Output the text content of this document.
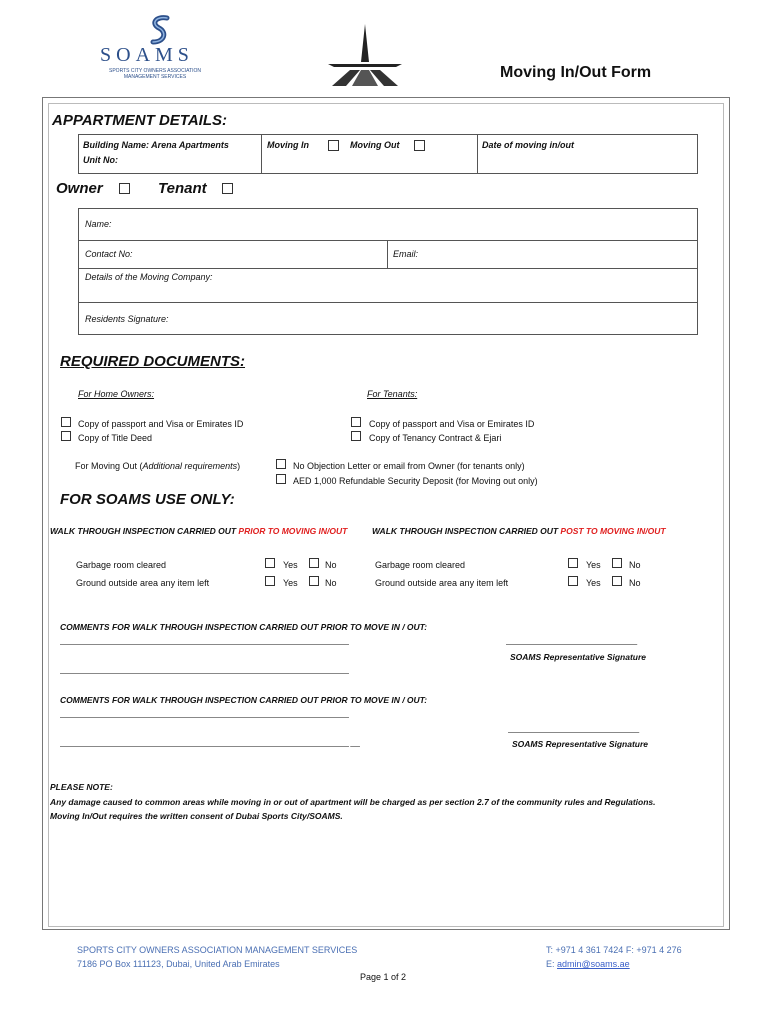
SOAMS
SPORTS CITY OWNERS ASSOCIATION MANAGEMENT SERVICES	Moving In/Out Form
APPARTMENT DETAILS:
Building Name: Arena Apartments
Unit No:
Moving In	Moving Out	Date of moving in/out
Owner	Tenant
Name:
Contact No:	Email:
Details of the Moving Company:
Residents Signature:
REQUIRED DOCUMENTS:
For Home Owners:	For Tenants:
Copy of passport and Visa or Emirates ID
Copy of Title Deed
Copy of passport and Visa or Emirates ID
Copy of Tenancy Contract & Ejari
For Moving Out (Additional requirements)	No Objection Letter or email from Owner (for tenants only)
AED 1,000 Refundable Security Deposit (for Moving out only)
FOR SOAMS USE ONLY:
WALK THROUGH INSPECTION CARRIED OUT PRIOR TO MOVING IN/OUT	WALK THROUGH INSPECTION CARRIED OUT POST TO MOVING IN/OUT
Garbage room cleared	Yes	No
Ground outside area any item left	Yes	No
Garbage room cleared	Yes	No
Ground outside area any item left	Yes	No
COMMENTS FOR WALK THROUGH INSPECTION CARRIED OUT PRIOR TO MOVE IN / OUT:
________________________________________________________________
________________________________________________________________
_____________________________
SOAMS Representative Signature
COMMENTS FOR WALK THROUGH INSPECTION CARRIED OUT PRIOR TO MOVE IN / OUT:
________________________________________________________________
________________________________________________________________ __
_____________________________
SOAMS Representative Signature
PLEASE NOTE:
Any damage caused to common areas while moving in or out of apartment will be charged as per section 2.7 of the community rules and Regulations.
Moving In/Out requires the written consent of Dubai Sports City/SOAMS.
SPORTS CITY OWNERS ASSOCIATION MANAGEMENT SERVICES
7186 PO Box 111123, Dubai, United Arab Emirates
T: +971 4 361 7424 F: +971 4 276
E: admin@soams.ae
Page 1 of 2
